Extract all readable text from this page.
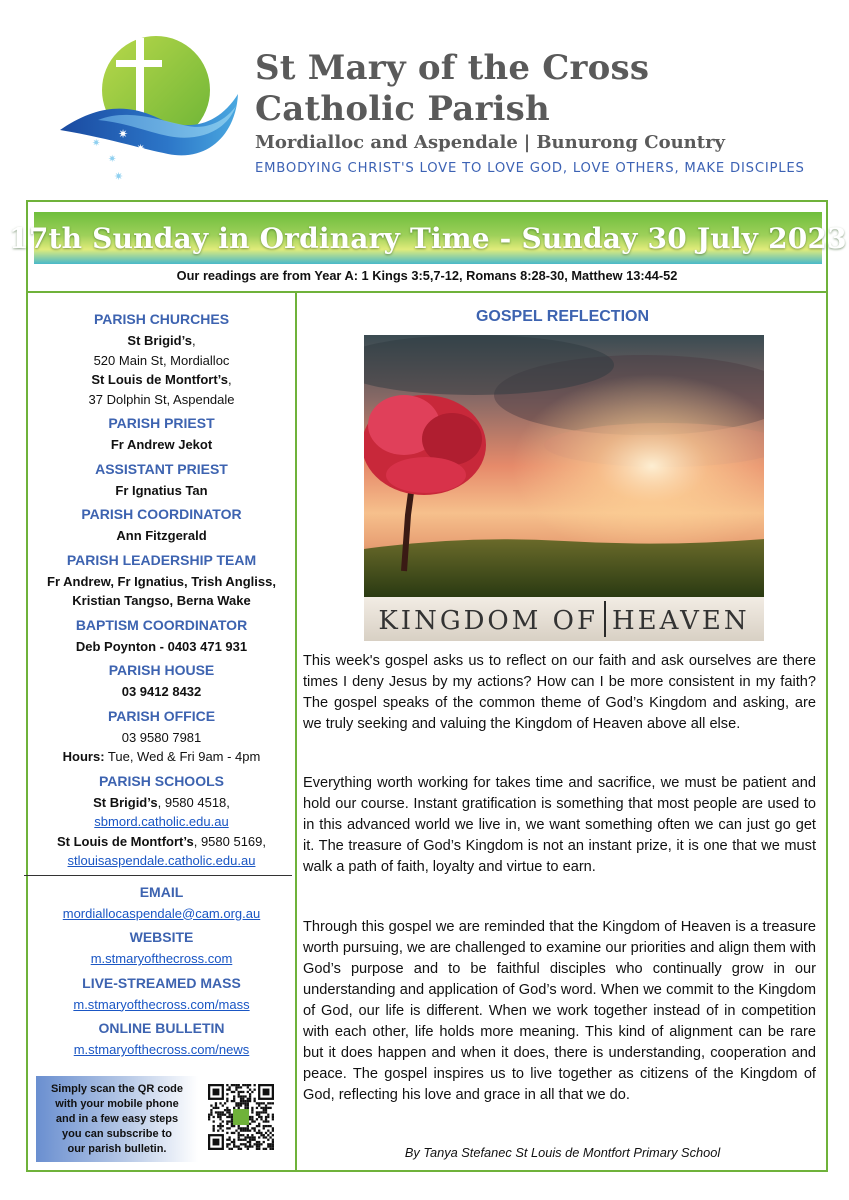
✷
✷
✷
✷
✷
St Mary of the Cross
Catholic Parish
Mordialloc and Aspendale | Bunurong Country
EMBODYING CHRIST'S LOVE TO LOVE GOD, LOVE OTHERS, MAKE DISCIPLES
17th Sunday in Ordinary Time - Sunday 30 July 2023
Our readings are from Year A: 1 Kings 3:5,7-12, Romans 8:28-30, Matthew 13:44-52
PARISH CHURCHES
St Brigid’s,
520 Main St, Mordialloc
St Louis de Montfort’s,
37 Dolphin St, Aspendale
PARISH PRIEST
Fr Andrew Jekot
ASSISTANT PRIEST
Fr Ignatius Tan
PARISH COORDINATOR
Ann Fitzgerald
PARISH LEADERSHIP TEAM
Fr Andrew, Fr Ignatius, Trish Angliss,
Kristian Tangso, Berna Wake
BAPTISM COORDINATOR
Deb Poynton - 0403 471 931
PARISH HOUSE
03 9412 8432
PARISH OFFICE
03 9580 7981
Hours: Tue, Wed & Fri 9am - 4pm
PARISH SCHOOLS
St Brigid’s, 9580 4518,
sbmord.catholic.edu.au
St Louis de Montfort’s, 9580 5169,
stlouisaspendale.catholic.edu.au
EMAIL
mordiallocaspendale@cam.org.au
WEBSITE
m.stmaryofthecross.com
LIVE-STREAMED MASS
m.stmaryofthecross.com/mass
ONLINE BULLETIN
m.stmaryofthecross.com/news
Simply scan the QR code
with your mobile phone
and in a few easy steps
you can subscribe to
our parish bulletin.
GOSPEL REFLECTION
KINGDOM OF HEAVEN
This week's gospel asks us to reflect on our faith and ask ourselves are there times I deny Jesus by my actions? How can I be more consistent in my faith? The gospel speaks of the common theme of God’s Kingdom and asking, are we truly seeking and valuing the Kingdom of Heaven above all else.
Everything worth working for takes time and sacrifice, we must be patient and hold our course. Instant gratification is something that most people are used to in this advanced world we live in, we want something often we can just go get it. The treasure of God’s Kingdom is not an instant prize, it is one that we must walk a path of faith, loyalty and virtue to earn.
Through this gospel we are reminded that the Kingdom of Heaven is a treasure worth pursuing, we are challenged to examine our priorities and align them with God’s purpose and to be faithful disciples who continually grow in our understanding and application of God’s word. When we commit to the Kingdom of God, our life is different. When we work together instead of in competition with each other, life holds more meaning. This kind of alignment can be rare but it does happen and when it does, there is understanding, cooperation and peace. The gospel inspires us to live together as citizens of the Kingdom of God, reflecting his love and grace in all that we do.
By Tanya Stefanec St Louis de Montfort Primary School
